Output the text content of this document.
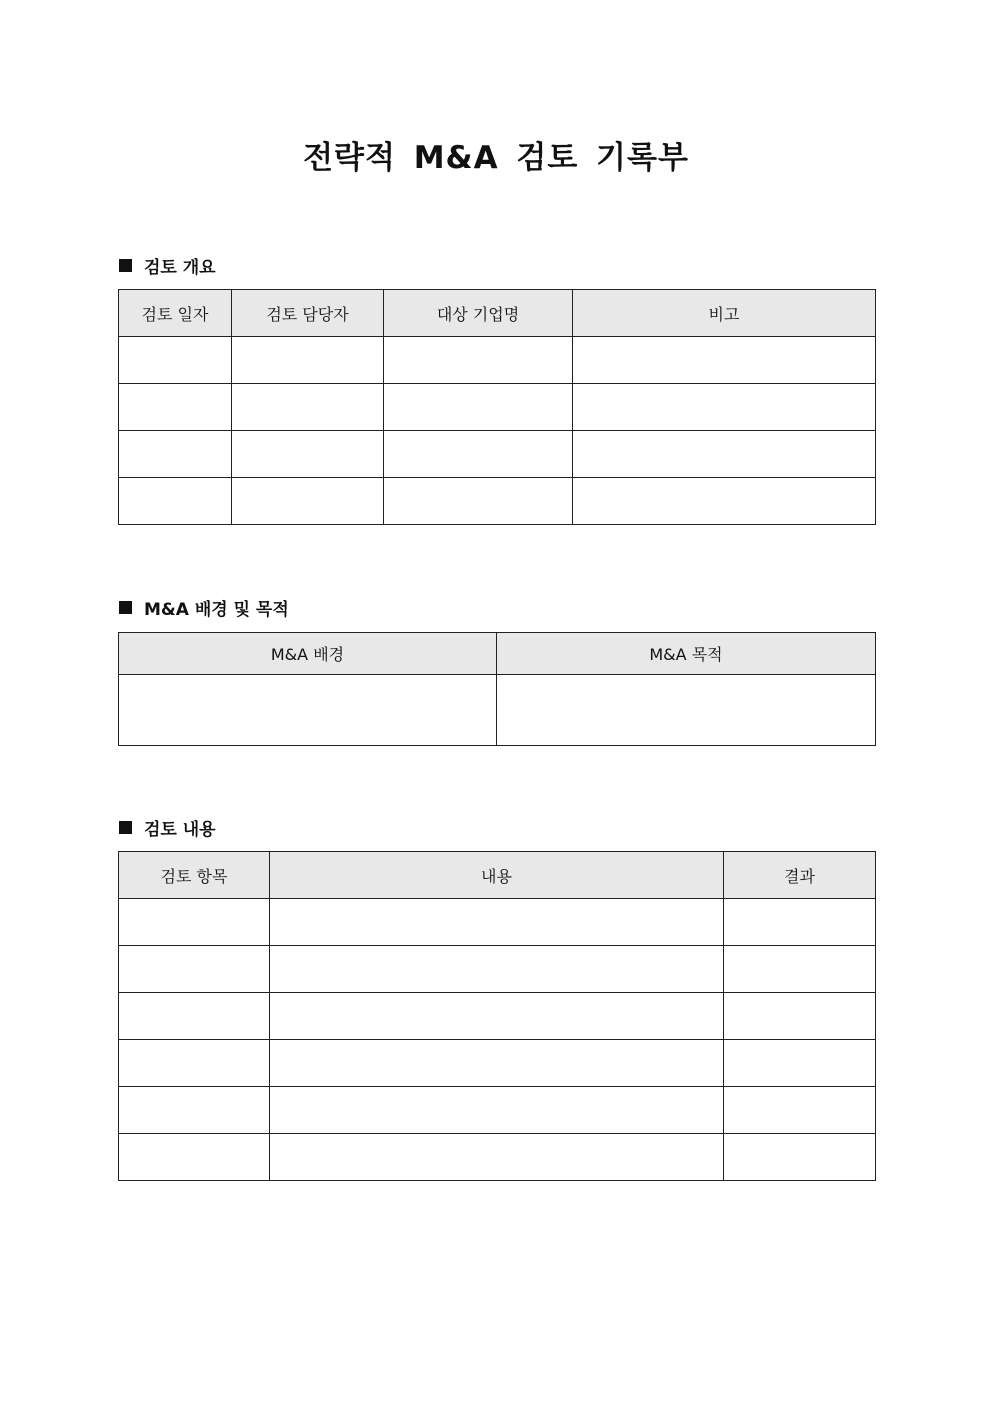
전략적 M&A 검토 기록부
검토 개요
검토 일자	검토 담당자	대상 기업명	비고

M&A 배경 및 목적
M&A 배경	M&A 목적

검토 내용
검토 항목	내용	결과
